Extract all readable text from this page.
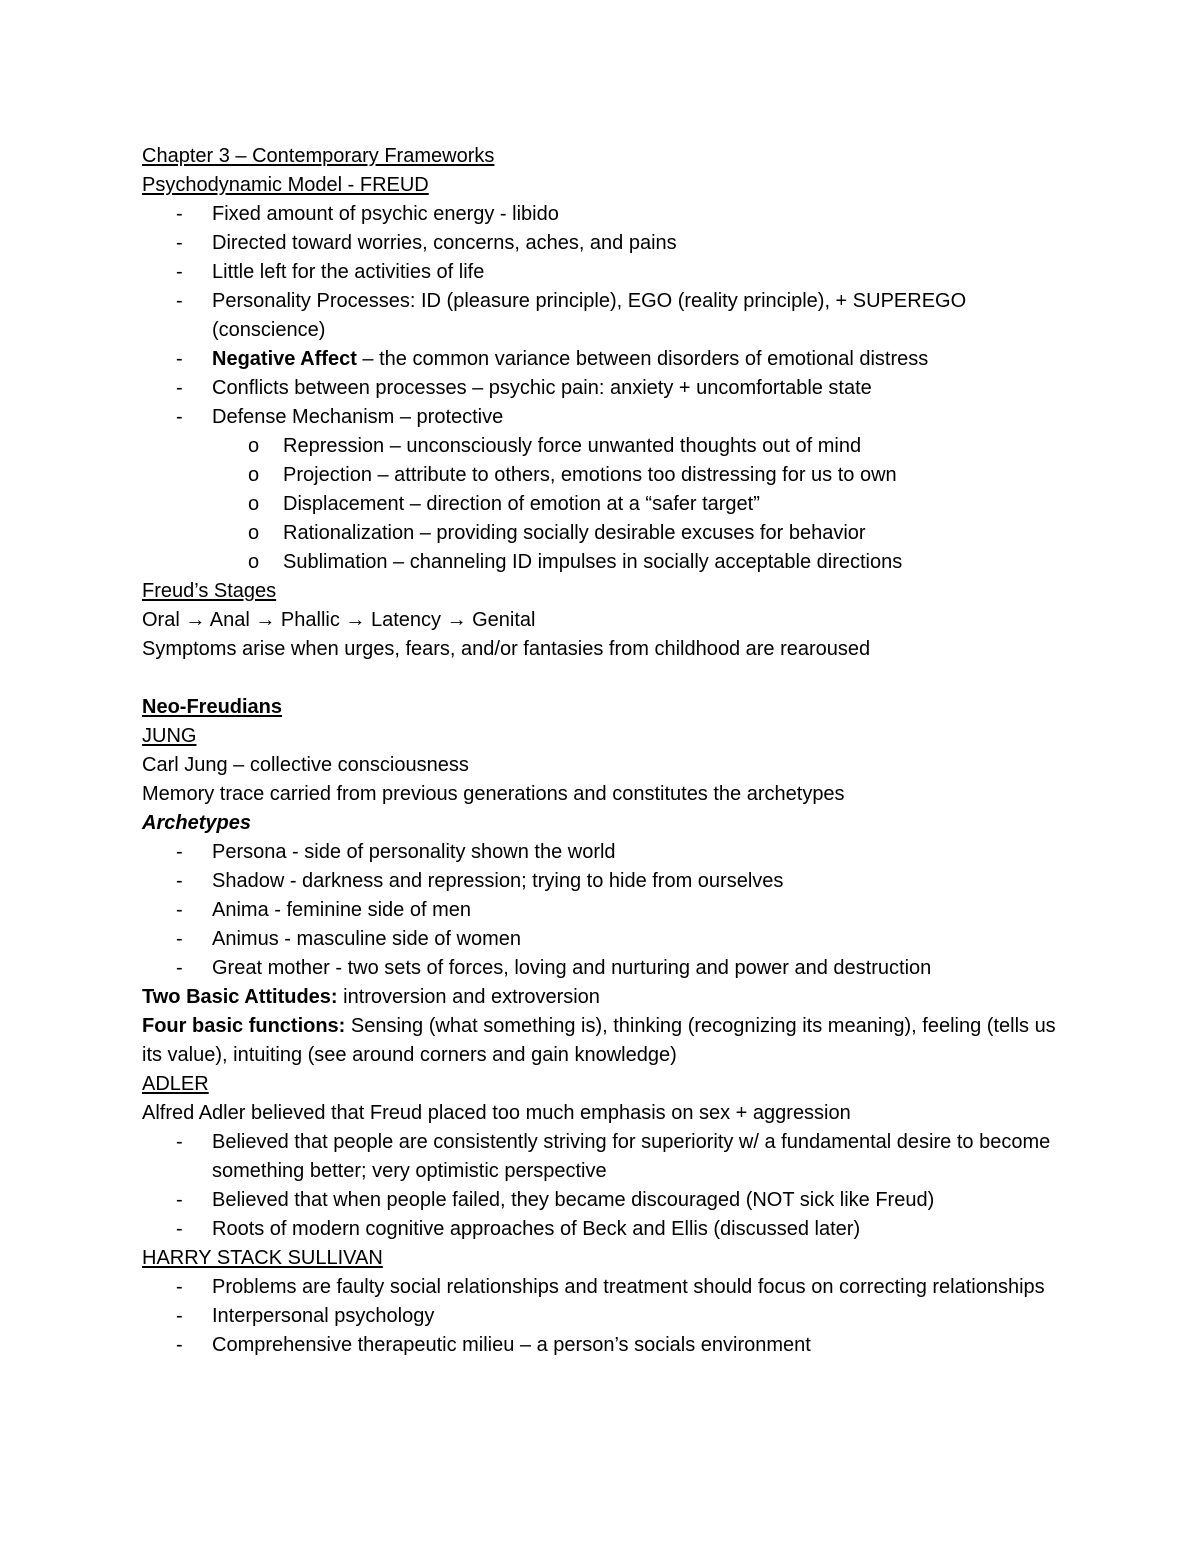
Chapter 3 – Contemporary Frameworks

Psychodynamic Model - FREUD

- Fixed amount of psychic energy - libido
- Directed toward worries, concerns, aches, and pains
- Little left for the activities of life
- Personality Processes: ID (pleasure principle), EGO (reality principle), + SUPEREGO (conscience)
- Negative Affect – the common variance between disorders of emotional distress
- Conflicts between processes – psychic pain: anxiety + uncomfortable state
- Defense Mechanism – protective
o Repression – unconsciously force unwanted thoughts out of mind
o Projection – attribute to others, emotions too distressing for us to own
o Displacement – direction of emotion at a “safer target”
o Rationalization – providing socially desirable excuses for behavior
o Sublimation – channeling ID impulses in socially acceptable directions

Freud’s Stages

Oral → Anal → Phallic → Latency → Genital

Symptoms arise when urges, fears, and/or fantasies from childhood are rearoused

Neo-Freudians

JUNG

Carl Jung – collective consciousness

Memory trace carried from previous generations and constitutes the archetypes

Archetypes

- Persona - side of personality shown the world
- Shadow - darkness and repression; trying to hide from ourselves
- Anima - feminine side of men
- Animus - masculine side of women
- Great mother - two sets of forces, loving and nurturing and power and destruction

Two Basic Attitudes: introversion and extroversion

Four basic functions: Sensing (what something is), thinking (recognizing its meaning), feeling (tells us its value), intuiting (see around corners and gain knowledge)

ADLER

Alfred Adler believed that Freud placed too much emphasis on sex + aggression

- Believed that people are consistently striving for superiority w/ a fundamental desire to become something better; very optimistic perspective
- Believed that when people failed, they became discouraged (NOT sick like Freud)
- Roots of modern cognitive approaches of Beck and Ellis (discussed later)

HARRY STACK SULLIVAN

- Problems are faulty social relationships and treatment should focus on correcting relationships
- Interpersonal psychology
- Comprehensive therapeutic milieu – a person’s socials environment
